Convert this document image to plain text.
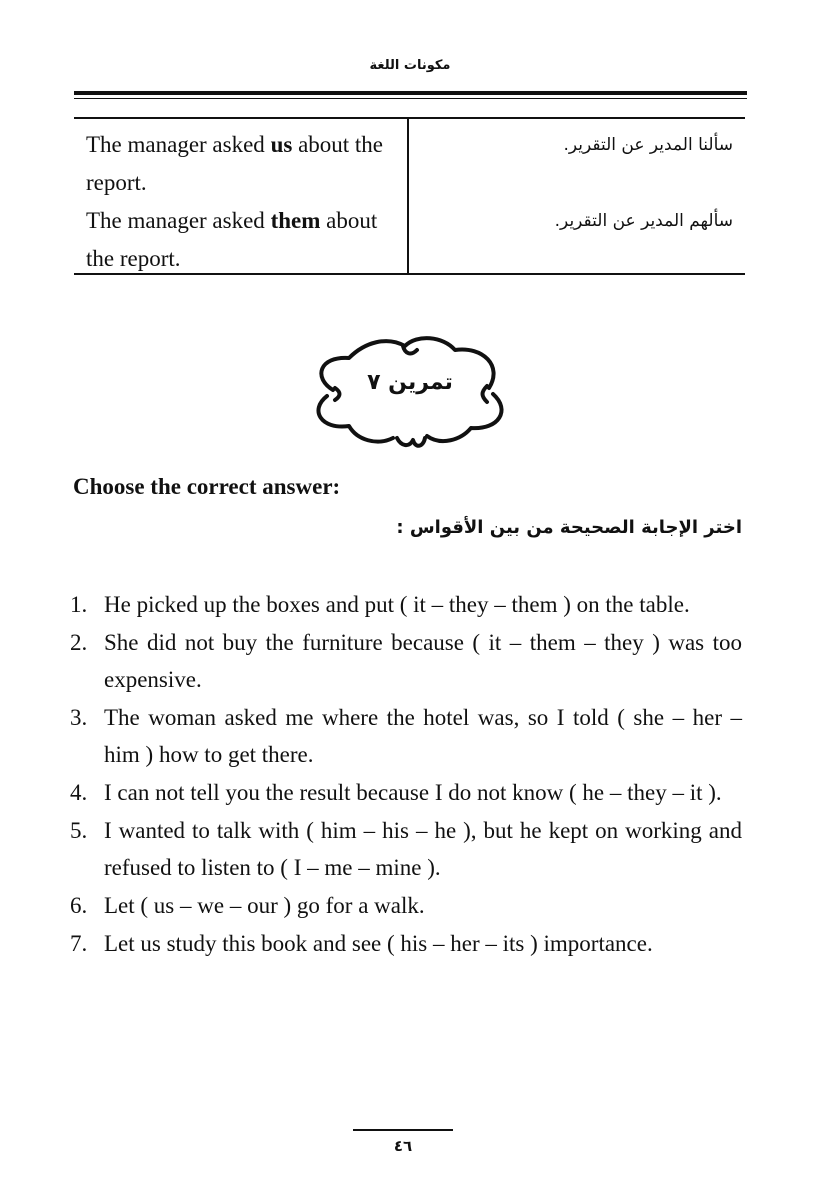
مكونات اللغة
The manager asked us about the report.
The manager asked them about the report.
سألنا المدير عن التقرير.
سألهم المدير عن التقرير.
تمرين ٧
Choose the correct answer:
اختر الإجابة الصحيحة من بين الأقواس :
1. He picked up the boxes and put ( it – they – them ) on the table.
2. She did not buy the furniture because ( it – them – they ) was too expensive.
3. The woman asked me where the hotel was, so I told ( she – her – him ) how to get there.
4. I can not tell you the result because I do not know ( he – they – it ).
5. I wanted to talk with ( him – his – he ), but he kept on working and refused to listen to ( I – me – mine ).
6. Let ( us – we – our ) go for a walk.
7. Let us study this book and see ( his – her – its ) importance.
٤٦
